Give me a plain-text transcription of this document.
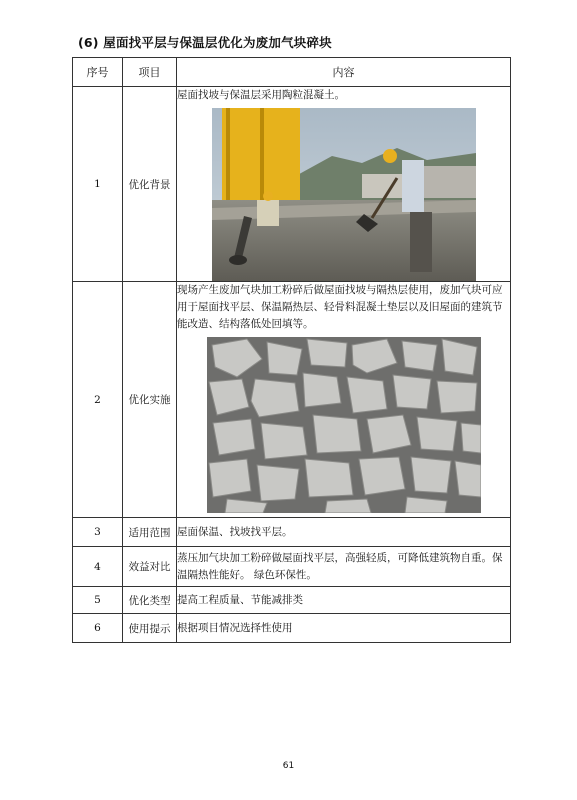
(6) 屋面找平层与保温层优化为废加气块碎块
序号	项目	内容
1	优化背景	屋面找坡与保温层采用陶粒混凝土。

2	优化实施	现场产生废加气块加工粉碎后做屋面找坡与隔热层使用，废加气块可应用于屋面找平层、保温隔热层、轻骨料混凝土垫层以及旧屋面的建筑节能改造、结构落低处回填等。

3	适用范围	屋面保温、找坡找平层。
4	效益对比	蒸压加气块加工粉碎做屋面找平层，高强轻质，可降低建筑物自重。保温隔热性能好。 绿色环保性。
5	优化类型	提高工程质量、节能减排类
6	使用提示	根据项目情况选择性使用
61
